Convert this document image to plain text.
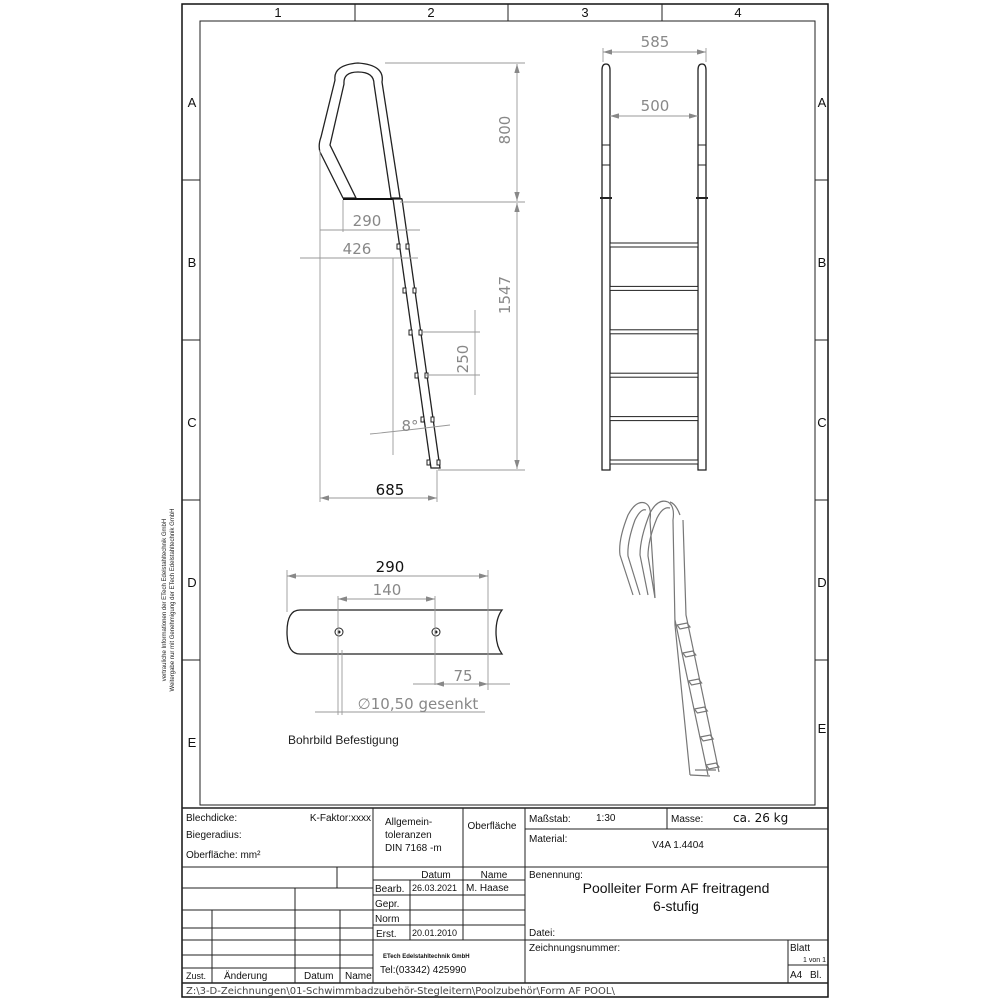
1	2	3	4
A
B
C
D
E
A
B
C
D
E
vertrauliche Informationen der ETech Edelstahltechnik GmbH Weitergabe nur mit Genehmigung der ETech Edelstahltechnik GmbH
800
1547
290
426
250
8°
685
585
500
290
140
75
∅10,50 gesenkt
Bohrbild Befestigung
Blechdicke:	K-Faktor:xxxx
Biegeradius:
Oberfläche: mm²
Allgemein-
toleranzen
DIN 7168 -m
Oberfläche
Maßstab:	1:30	Masse: ca. 26 kg
Material:
V4A 1.4404
Datum	Name
Bearb. 26.03.2021 M. Haase
Gepr.
Norm
Erst. 20.01.2010
ETech Edelstahltechnik GmbH
Tel:(03342) 425990
Benennung:
Poolleiter Form AF freitragend
6-stufig
Datei:
Zeichnungsnummer:	Blatt
1 von 1
A4 Bl.
Zust. Änderung	Datum Name
Z:\3-D-Zeichnungen\01-Schwimmbadzubehör-Stegleitern\Poolzubehör\Form AF POOL\
